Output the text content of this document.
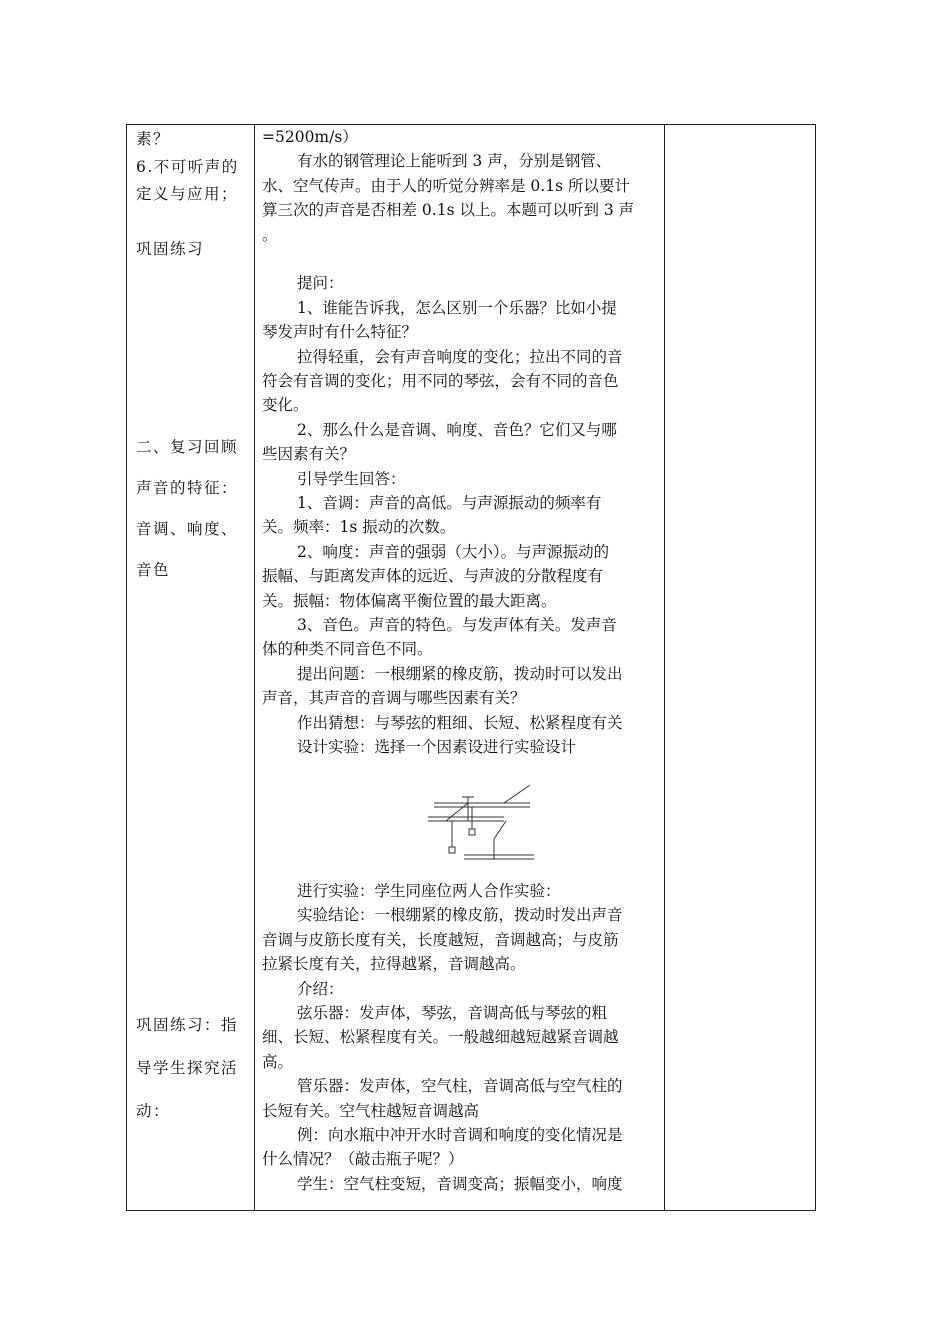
素？
6.不可听声的
定义与应用；
巩固练习
二、复习回顾
声音的特征：
音调、响度、
音色
巩固练习：指
导学生探究活
动：
=5200m/s）
有水的钢管理论上能听到 3 声，分别是钢管、
水、空气传声。由于人的听觉分辨率是 0.1s 所以要计
算三次的声音是否相差 0.1s 以上。本题可以听到 3 声
。
提问：
1、谁能告诉我，怎么区别一个乐器？比如小提
琴发声时有什么特征？
拉得轻重，会有声音响度的变化；拉出不同的音
符会有音调的变化；用不同的琴弦，会有不同的音色
变化。
2、那么什么是音调、响度、音色？它们又与哪
些因素有关？
引导学生回答：
1、音调：声音的高低。与声源振动的频率有
关。频率：1s 振动的次数。
2、响度：声音的强弱（大小）。与声源振动的
振幅、与距离发声体的远近、与声波的分散程度有
关。振幅：物体偏离平衡位置的最大距离。
3、音色。声音的特色。与发声体有关。发声音
体的种类不同音色不同。
提出问题：一根绷紧的橡皮筋，拨动时可以发出
声音，其声音的音调与哪些因素有关？
作出猜想：与琴弦的粗细、长短、松紧程度有关
设计实验：选择一个因素设进行实验设计
进行实验：学生同座位两人合作实验：
实验结论：一根绷紧的橡皮筋，拨动时发出声音
音调与皮筋长度有关，长度越短，音调越高；与皮筋
拉紧长度有关，拉得越紧，音调越高。
介绍：
弦乐器：发声体，琴弦，音调高低与琴弦的粗
细、长短、松紧程度有关。一般越细越短越紧音调越
高。
管乐器：发声体，空气柱，音调高低与空气柱的
长短有关。空气柱越短音调越高
例：向水瓶中冲开水时音调和响度的变化情况是
什么情况？（敲击瓶子呢？）
学生：空气柱变短，音调变高；振幅变小，响度
